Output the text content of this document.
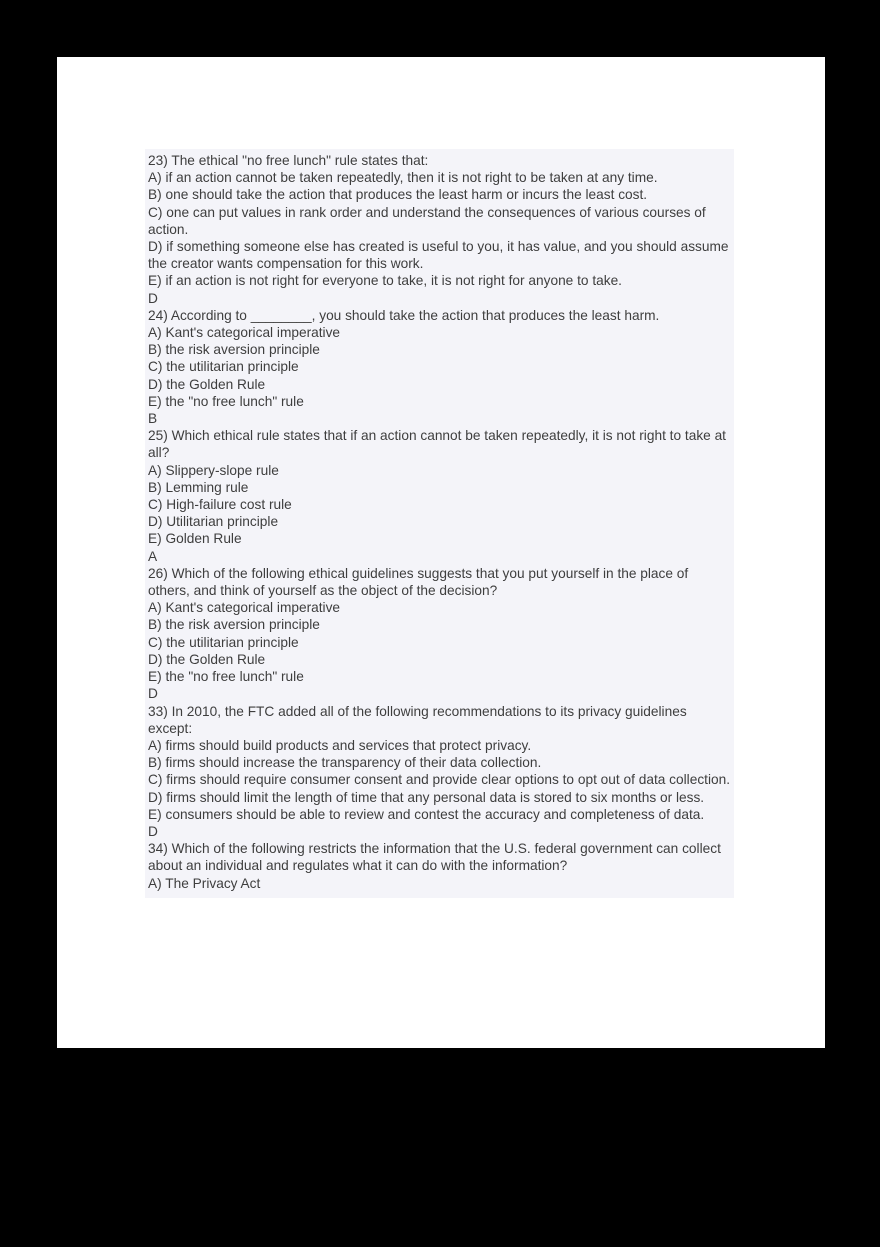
23) The ethical "no free lunch" rule states that:
A) if an action cannot be taken repeatedly, then it is not right to be taken at any time.
B) one should take the action that produces the least harm or incurs the least cost.
C) one can put values in rank order and understand the consequences of various courses of action.
D) if something someone else has created is useful to you, it has value, and you should assume the creator wants compensation for this work.
E) if an action is not right for everyone to take, it is not right for anyone to take.
D
24) According to ________, you should take the action that produces the least harm.
A) Kant's categorical imperative
B) the risk aversion principle
C) the utilitarian principle
D) the Golden Rule
E) the "no free lunch" rule
B
25) Which ethical rule states that if an action cannot be taken repeatedly, it is not right to take at all?
A) Slippery-slope rule
B) Lemming rule
C) High-failure cost rule
D) Utilitarian principle
E) Golden Rule
A
26) Which of the following ethical guidelines suggests that you put yourself in the place of others, and think of yourself as the object of the decision?
A) Kant's categorical imperative
B) the risk aversion principle
C) the utilitarian principle
D) the Golden Rule
E) the "no free lunch" rule
D
33) In 2010, the FTC added all of the following recommendations to its privacy guidelines except:
A) firms should build products and services that protect privacy.
B) firms should increase the transparency of their data collection.
C) firms should require consumer consent and provide clear options to opt out of data collection.
D) firms should limit the length of time that any personal data is stored to six months or less.
E) consumers should be able to review and contest the accuracy and completeness of data.
D
34) Which of the following restricts the information that the U.S. federal government can collect about an individual and regulates what it can do with the information?
A) The Privacy Act
